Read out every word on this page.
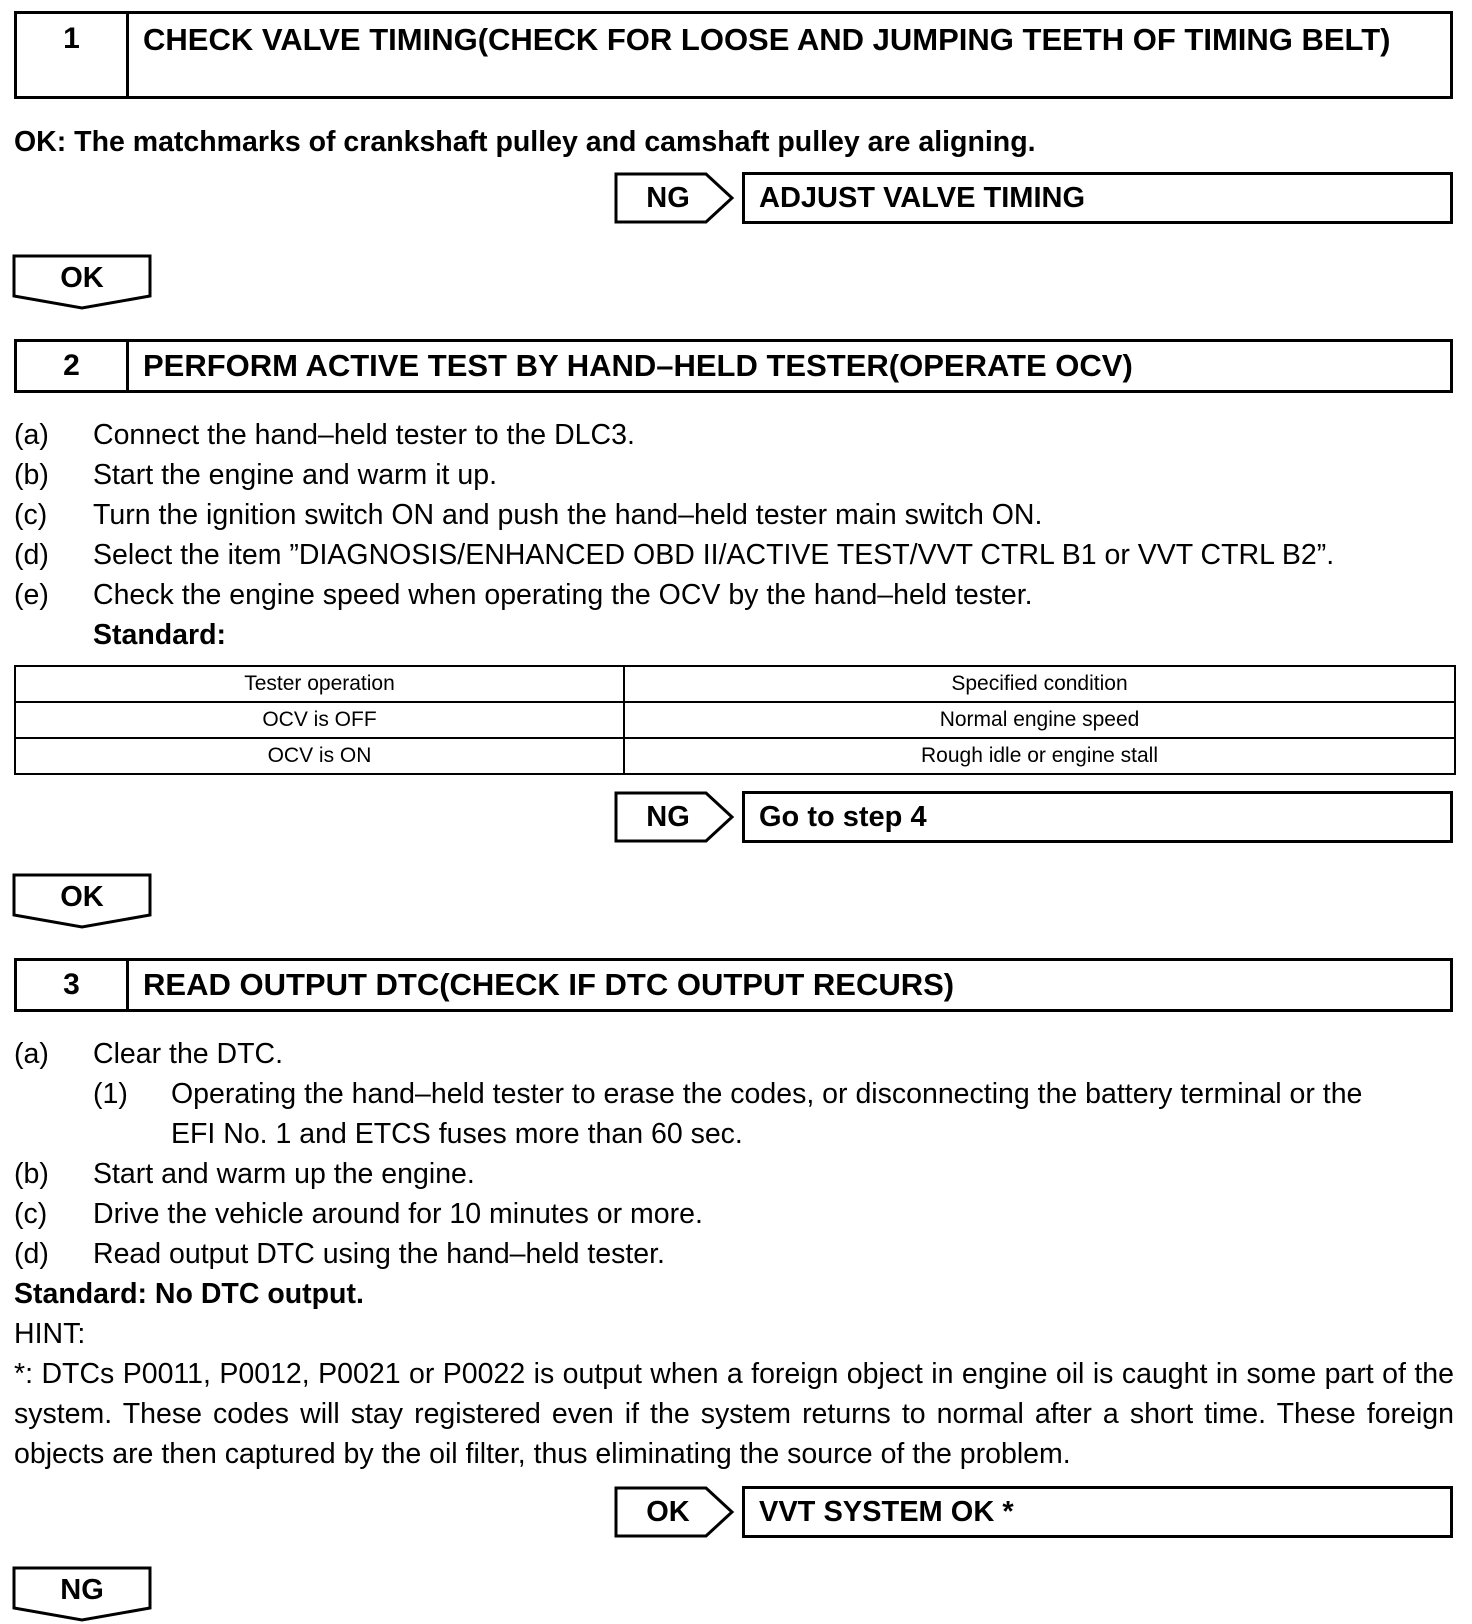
1	CHECK VALVE TIMING(CHECK FOR LOOSE AND JUMPING TEETH OF TIMING BELT)
OK: The matchmarks of crankshaft pulley and camshaft pulley are aligning.
NG	ADJUST VALVE TIMING
OK
2	PERFORM ACTIVE TEST BY HAND–HELD TESTER(OPERATE OCV)
(a) Connect the hand–held tester to the DLC3.
(b) Start the engine and warm it up.
(c) Turn the ignition switch ON and push the hand–held tester main switch ON.
(d) Select the item ”DIAGNOSIS/ENHANCED OBD II/ACTIVE TEST/VVT CTRL B1 or VVT CTRL B2”.
(e) Check the engine speed when operating the OCV by the hand–held tester.
Standard:
Tester operation	Specified condition
OCV is OFF	Normal engine speed
OCV is ON	Rough idle or engine stall
NG	Go to step 4
OK
3	READ OUTPUT DTC(CHECK IF DTC OUTPUT RECURS)
(a) Clear the DTC.
(1) Operating the hand–held tester to erase the codes, or disconnecting the battery terminal or the
EFI No. 1 and ETCS fuses more than 60 sec.
(b) Start and warm up the engine.
(c) Drive the vehicle around for 10 minutes or more.
(d) Read output DTC using the hand–held tester.
Standard: No DTC output.
HINT:
*: DTCs P0011, P0012, P0021 or P0022 is output when a foreign object in engine oil is caught in some part of the system. These codes will stay registered even if the system returns to normal after a short time. These foreign objects are then captured by the oil filter, thus eliminating the source of the problem.
OK	VVT SYSTEM OK *
NG
